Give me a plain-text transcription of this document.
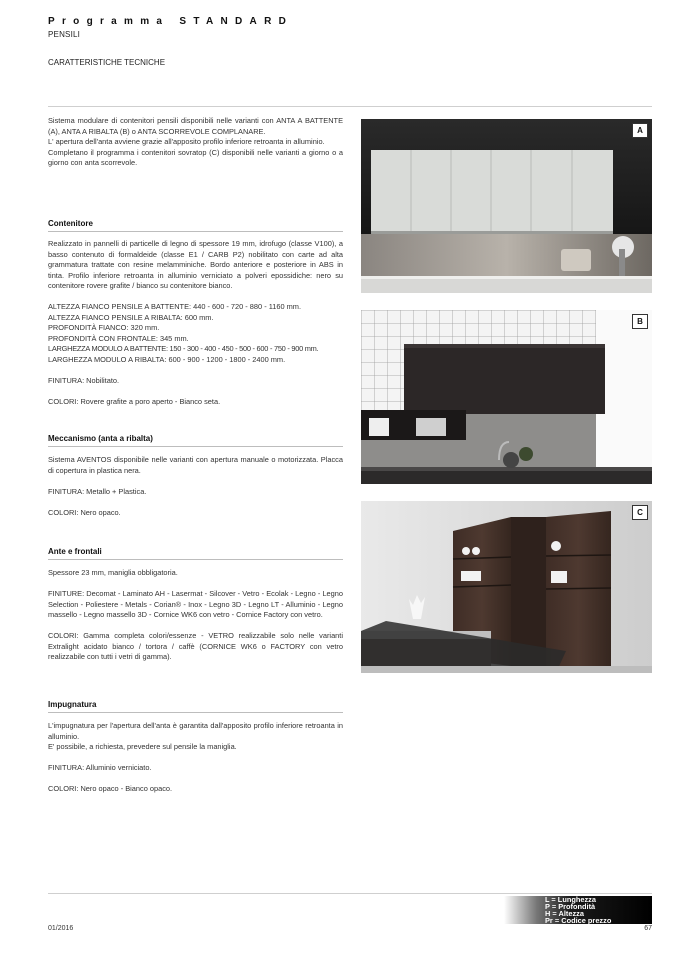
Programma STANDARD
PENSILI
CARATTERISTICHE TECNICHE
Sistema modulare di contenitori pensili disponibili nelle varianti con ANTA A BATTENTE (A), ANTA A RIBALTA (B) o ANTA SCORREVOLE COMPLANARE.
L' apertura dell'anta avviene grazie all'apposito profilo inferiore retroanta in alluminio.
Completano il programma i contenitori sovratop (C) disponibili nelle varianti a giorno o a giorno con anta scorrevole.
Contenitore

Realizzato in pannelli di particelle di legno di spessore 19 mm, idrofugo (classe V100), a basso contenuto di formaldeide (classe E1 / CARB P2) nobilitato con carte ad alta grammatura trattate con resine melamminiche. Bordo anteriore e posteriore in ABS in tinta. Profilo inferiore retroanta in alluminio verniciato a polveri epossidiche: nero su contenitore rovere grafite / bianco su contenitore bianco.

ALTEZZA FIANCO PENSILE A BATTENTE: 440 - 600 - 720 - 880 - 1160 mm.
ALTEZZA FIANCO PENSILE A RIBALTA: 600 mm.
PROFONDITÀ FIANCO: 320 mm.
PROFONDITÀ CON FRONTALE: 345 mm.
LARGHEZZA MODULO A BATTENTE: 150 - 300 - 400 - 450 - 500 - 600 - 750 - 900 mm.
LARGHEZZA MODULO A RIBALTA: 600 - 900 - 1200 - 1800 - 2400 mm.

FINITURA: Nobilitato.

COLORI: Rovere grafite a poro aperto - Bianco seta.

Meccanismo (anta a ribalta)

Sistema AVENTOS disponibile nelle varianti con apertura manuale o motorizzata. Placca di copertura in plastica nera.

FINITURA: Metallo + Plastica.

COLORI: Nero opaco.

Ante e frontali

Spessore 23 mm, maniglia obbligatoria.

FINITURE: Decomat - Laminato AH - Lasermat - Silcover - Vetro - Ecolak - Legno - Legno Selection - Poliestere - Metals - Corian® - Inox - Legno 3D - Legno LT - Alluminio - Legno massello - Legno massello 3D - Cornice WK6 con vetro - Cornice Factory con vetro.

COLORI: Gamma completa colori/essenze - VETRO realizzabile solo nelle varianti Extralight acidato bianco / tortora / caffè (CORNICE WK6 o FACTORY con vetro realizzabile con tutti i vetri di gamma).

Impugnatura

L'impugnatura per l'apertura dell'anta è garantita dall'apposito profilo inferiore retroanta in alluminio.

E' possibile, a richiesta, prevedere sul pensile la maniglia.

FINITURA: Alluminio verniciato.

COLORI: Nero opaco - Bianco opaco.

A
B
C
L = Lunghezza
P = Profondità
H = Altezza
Pr = Codice prezzo
01/2016	67
